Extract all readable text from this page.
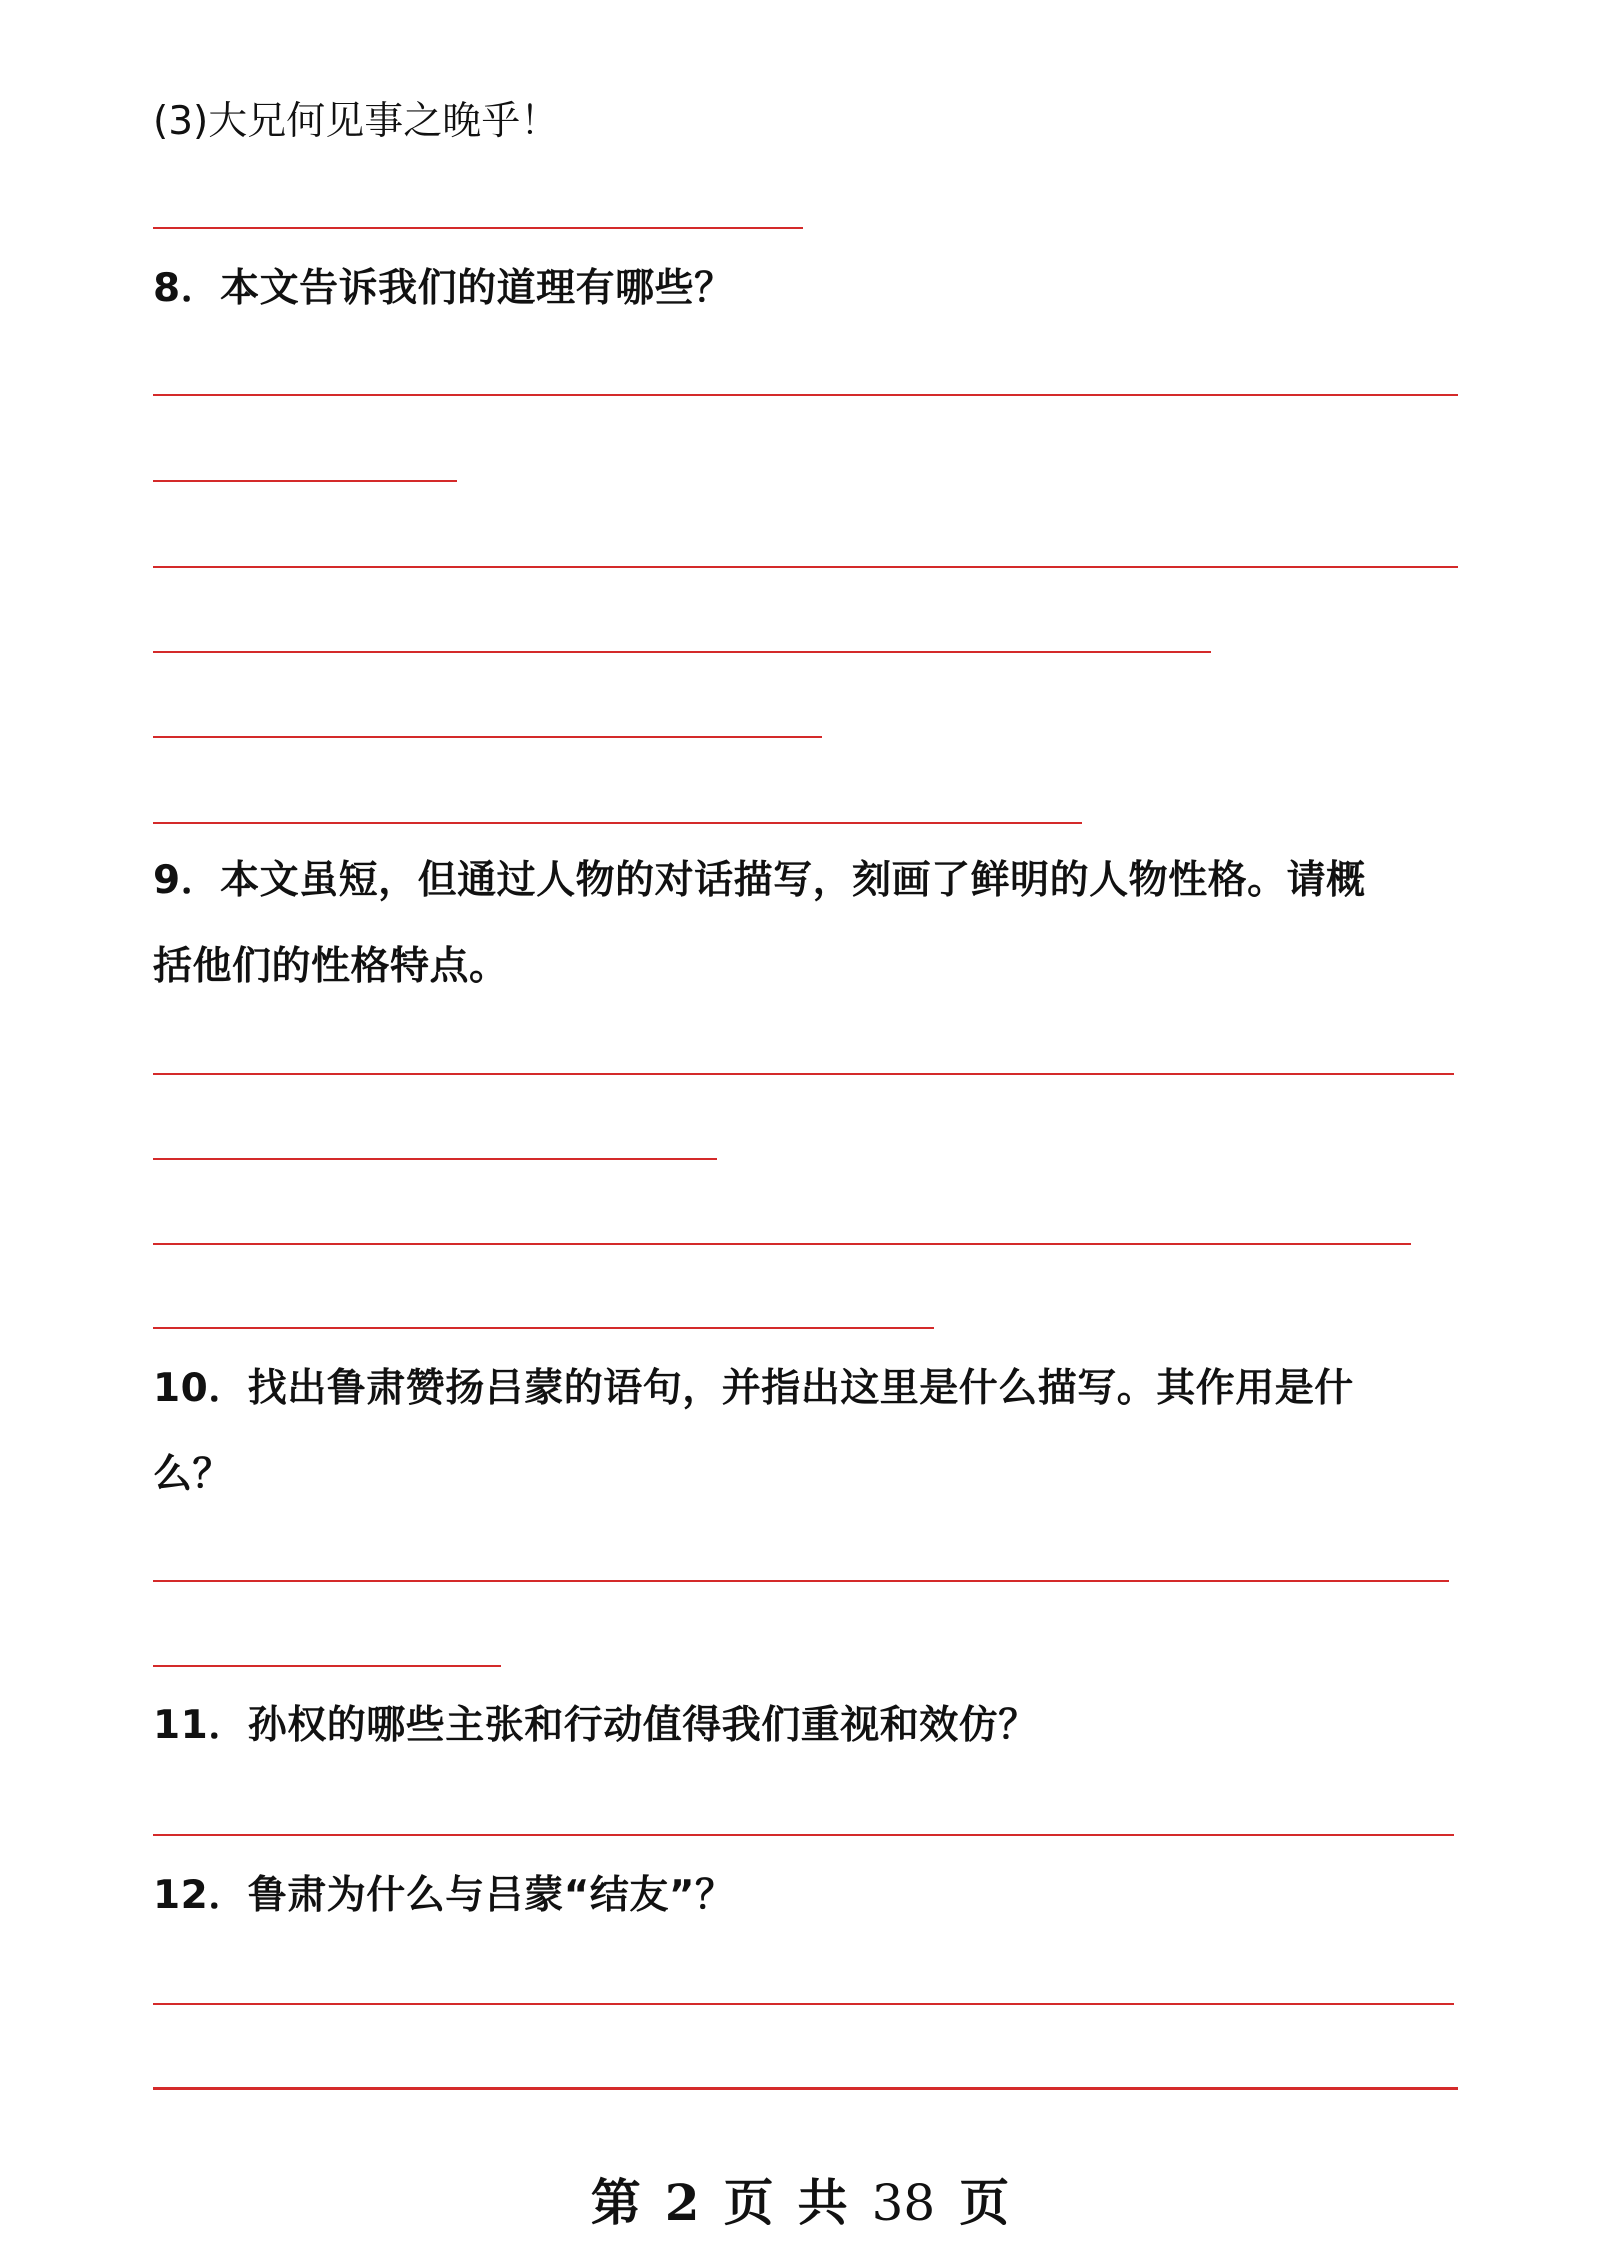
(3)大兄何见事之晚乎！

8．本文告诉我们的道理有哪些？

9．本文虽短，但通过人物的对话描写，刻画了鲜明的人物性格。请概

括他们的性格特点。

10．找出鲁肃赞扬吕蒙的语句，并指出这里是什么描写。其作用是什

么？

11．孙权的哪些主张和行动值得我们重视和效仿？

12．鲁肃为什么与吕蒙“结友”？

第 2 页 共 38 页
